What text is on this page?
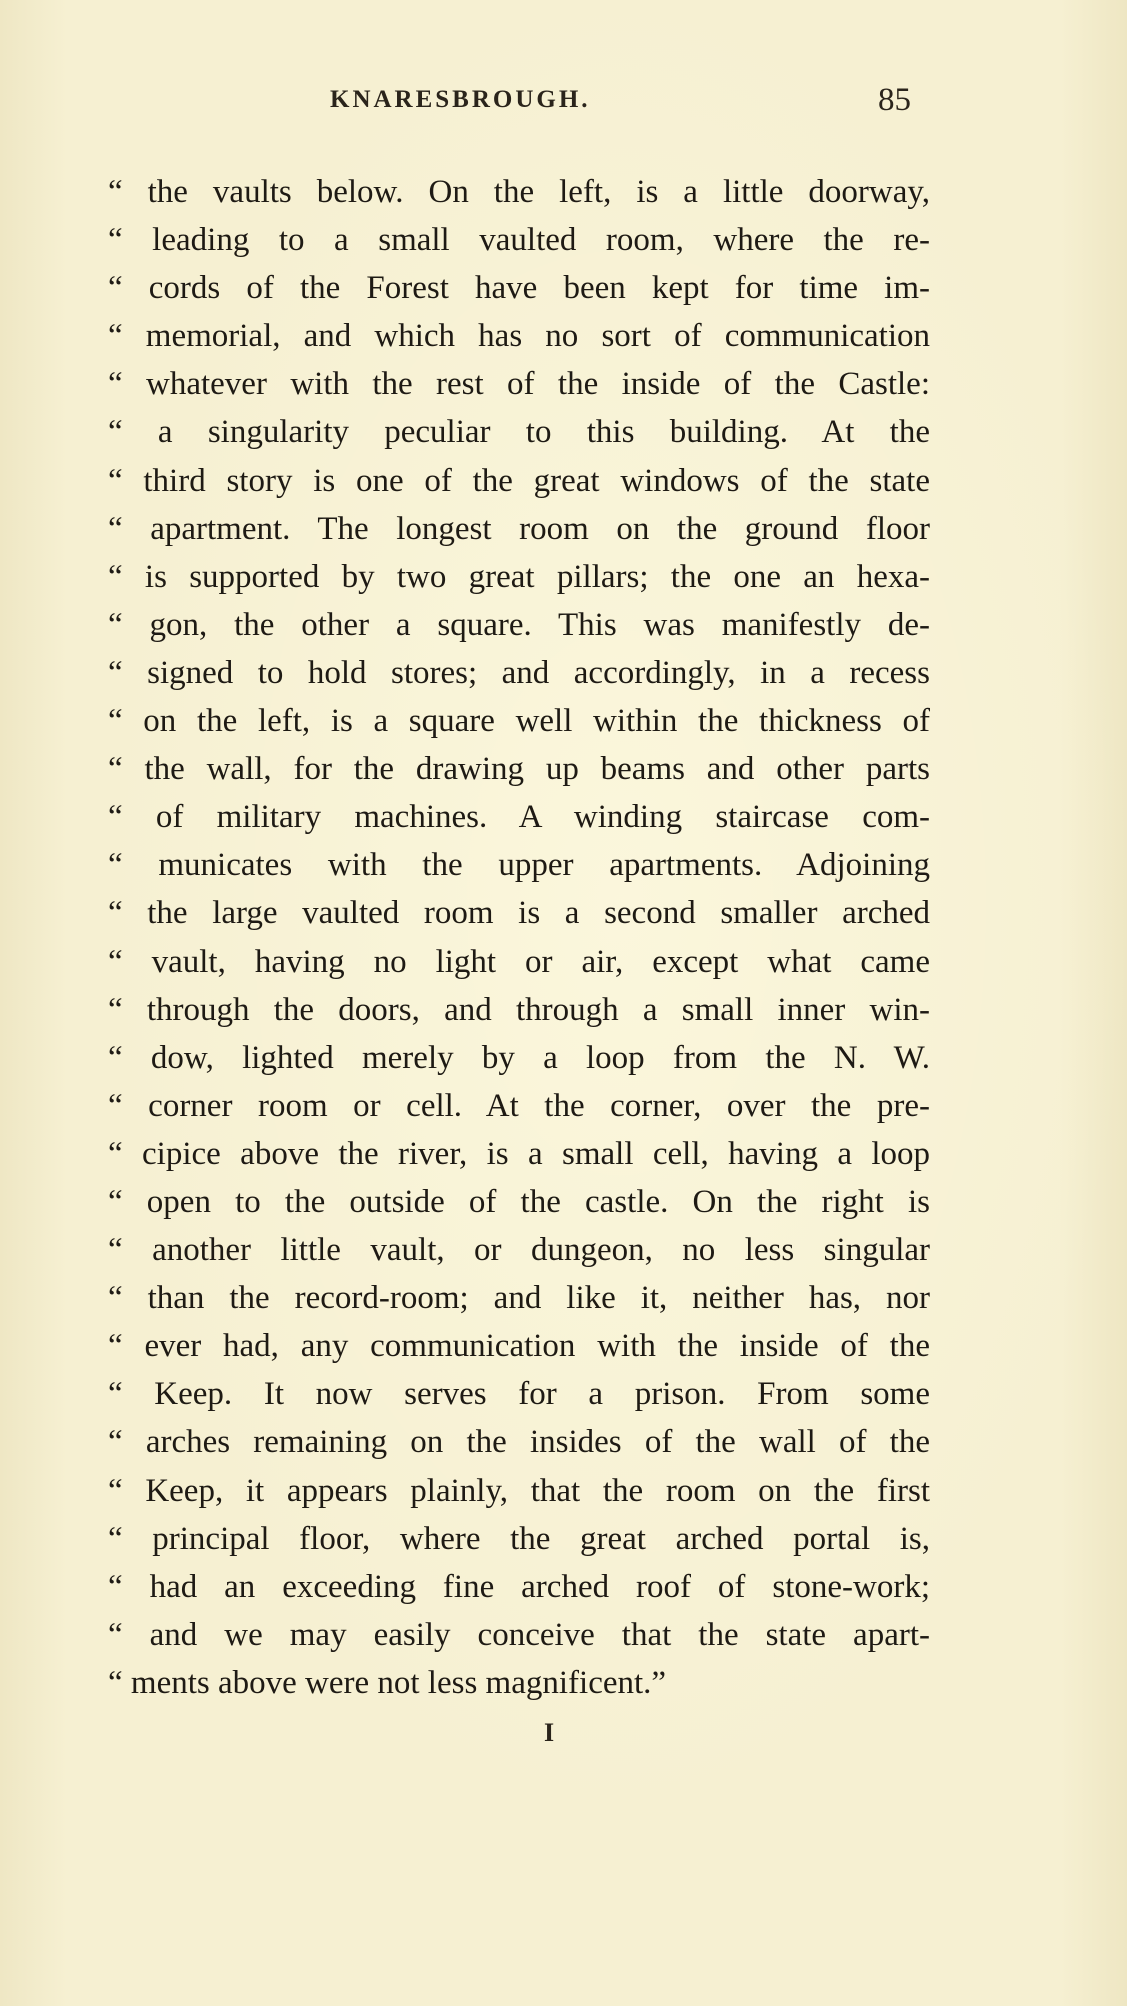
KNARESBROUGH.	85
“ the vaults below. On the left, is a little doorway,
“ leading to a small vaulted room, where the re-
“ cords of the Forest have been kept for time im-
“ memorial, and which has no sort of communication
“ whatever with the rest of the inside of the Castle:
“ a singularity peculiar to this building. At the
“ third story is one of the great windows of the state
“ apartment. The longest room on the ground floor
“ is supported by two great pillars; the one an hexa-
“ gon, the other a square. This was manifestly de-
“ signed to hold stores; and accordingly, in a recess
“ on the left, is a square well within the thickness of
“ the wall, for the drawing up beams and other parts
“ of military machines. A winding staircase com-
“ municates with the upper apartments. Adjoining
“ the large vaulted room is a second smaller arched
“ vault, having no light or air, except what came
“ through the doors, and through a small inner win-
“ dow, lighted merely by a loop from the N. W.
“ corner room or cell. At the corner, over the pre-
“ cipice above the river, is a small cell, having a loop
“ open to the outside of the castle. On the right is
“ another little vault, or dungeon, no less singular
“ than the record-room; and like it, neither has, nor
“ ever had, any communication with the inside of the
“ Keep. It now serves for a prison. From some
“ arches remaining on the insides of the wall of the
“ Keep, it appears plainly, that the room on the first
“ principal floor, where the great arched portal is,
“ had an exceeding fine arched roof of stone-work;
“ and we may easily conceive that the state apart-
“ ments above were not less magnificent.”
I
